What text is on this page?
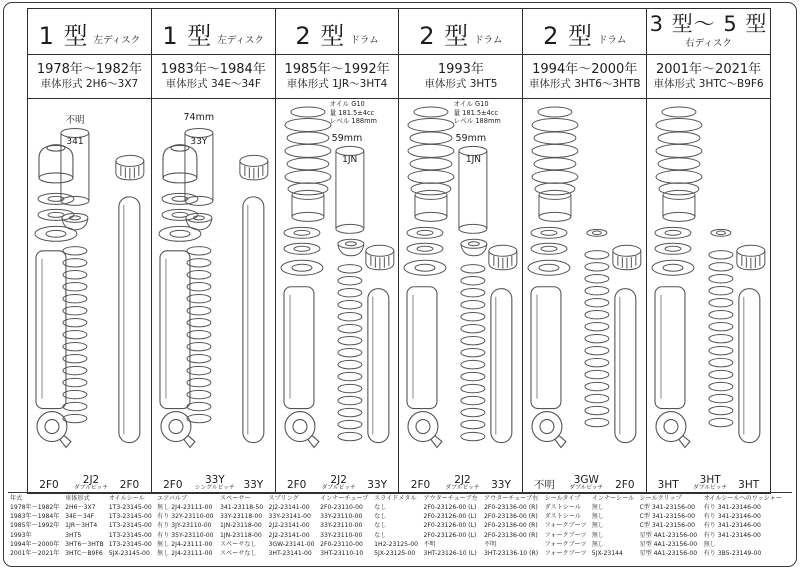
1 型 左ディスク
1978年〜1982年
車体形式 2H6〜3X7
不明
341
2F0	2J2
ダブルピッチ	2F0
1 型 左ディスク
1983年〜1984年
車体形式 34E〜34F
74mm
33Y
2F0	33Y
シングルピッチ 33Y
2 型 ドラム
1985年〜1992年
車体形式 1JR〜3HT4
オイル G10
量 181.5±4cc
レベル 188mm
59mm
1JN
2F0	2J2
ダブルピッチ	33Y
2 型 ドラム
1993年
車体形式 3HT5
オイル G10
量 181.5±4cc
レベル 188mm
59mm
1JN
2F0	2J2
ダブルピッチ	33Y
2 型 ドラム
1994年〜2000年
車体形式 3HT6〜3HTB
不明	3GW
ダブルピッチ	2F0
3 型〜 5 型
右ディスク
2001年〜2021年
車体形式 3HTC〜B9F6
3HT	3HT
ダブルピッチ	3HT
年式	車体形式	オイルシール	エアバルブ	スペーサー	スプリング	インナーチューブ	スライドメタル	アウターチューブ左	アウターチューブ右	シールタイプ	インナーシール	シールクリップ	オイルシールへのワッシャー
1978年〜1982年	2H6〜3X7	1T3-23145-00	無し 2J4-23111-00	341-23118-50	2J2-23141-00	2F0-23110-00	なし	2F0-23126-00 (L)	2F0-23136-00 (R)	ダストシール	無し	C型 341-23156-00	有り 341-23146-00
1983年〜1984年	34E〜34F	1T3-23145-00	有り 32Y-23110-00	33Y-23118-00	33Y-23141-00	33Y-23110-00	なし	2F0-23126-00 (L)	2F0-23136-00 (R)	ダストシール	無し	C型 341-23156-00	有り 341-23146-00
1985年〜1992年	1JR〜3HT4	1T3-23145-00	有り 3JY-23110-00	1JN-23118-00	2J2-23141-00	33Y-23110-00	なし	2F0-23126-00 (L)	2F0-23136-00 (R)	フォークブーツ	無し	C型 341-23156-00	有り 341-23146-00
1993年	3HT5	1T3-23145-00	有り 35Y-23110-00	1JN-23118-00	2J2-23141-00	33Y-23110-00	なし	2F0-23126-00 (L)	2F0-23136-00 (R)	フォークブーツ	無し	星型 4A1-23156-00	有り 341-23146-00
1994年〜2000年	3HT6〜3HTB	1T3-23145-00	無し 2J4-23111-00	スペーサなし	3GW-23141-00	2F0-23110-00	1H2-23125-00	不明	不明	フォークブーツ	無し	星型 4A1-23156-00	無し
2001年〜2021年	3HTC〜B9F6	5JX-23145-00	無し 2J4-23111-00	スペーサなし	3HT-23141-00	3HT-23110-10	5JX-23125-00	3HT-23126-10 (L)	3HT-23136-10 (R)	フォークブーツ	5JX-23144	星型 4A1-23156-00	有り 3B5-23149-00
